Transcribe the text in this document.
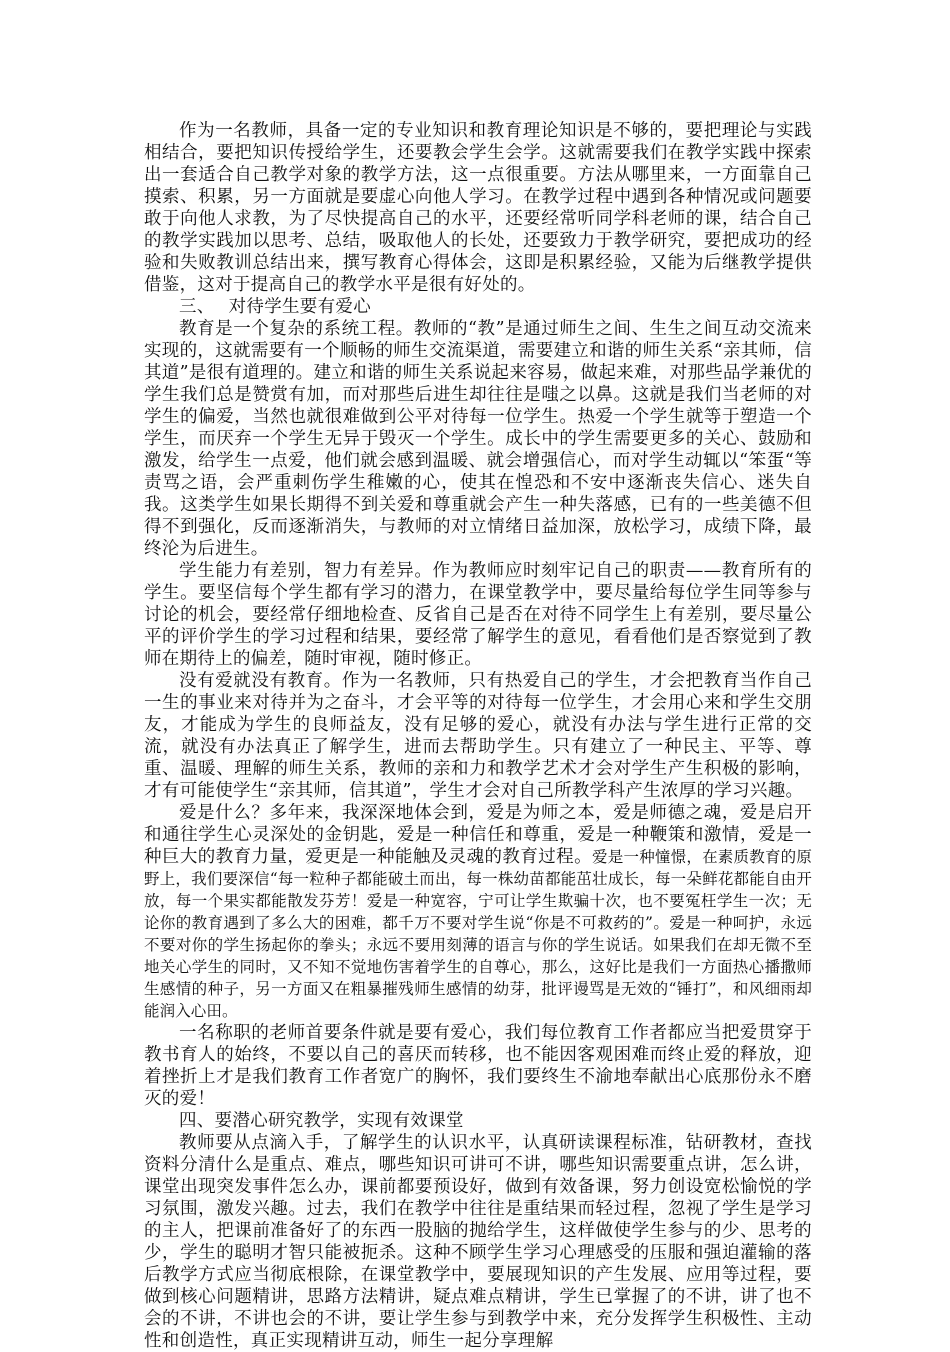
作为一名教师，具备一定的专业知识和教育理论知识是不够的，要把理论与实践相结合，要把知识传授给学生，还要教会学生会学。这就需要我们在教学实践中探索出一套适合自己教学对象的教学方法，这一点很重要。方法从哪里来，一方面靠自己摸索、积累，另一方面就是要虚心向他人学习。在教学过程中遇到各种情况或问题要敢于向他人求教，为了尽快提高自己的水平，还要经常听同学科老师的课，结合自己的教学实践加以思考、总结，吸取他人的长处，还要致力于教学研究，要把成功的经验和失败教训总结出来，撰写教育心得体会，这即是积累经验，又能为后继教学提供借鉴，这对于提高自己的教学水平是很有好处的。

三、 对待学生要有爱心

教育是一个复杂的系统工程。教师的“教”是通过师生之间、生生之间互动交流来实现的，这就需要有一个顺畅的师生交流渠道，需要建立和谐的师生关系“亲其师，信其道”是很有道理的。建立和谐的师生关系说起来容易，做起来难，对那些品学兼优的学生我们总是赞赏有加，而对那些后进生却往往是嗤之以鼻。这就是我们当老师的对学生的偏爱，当然也就很难做到公平对待每一位学生。热爱一个学生就等于塑造一个学生，而厌弃一个学生无异于毁灭一个学生。成长中的学生需要更多的关心、鼓励和激发，给学生一点爱，他们就会感到温暖、就会增强信心，而对学生动辄以“笨蛋“等责骂之语，会严重刺伤学生稚嫩的心，使其在惶恐和不安中逐渐丧失信心、迷失自我。这类学生如果长期得不到关爱和尊重就会产生一种失落感，已有的一些美德不但得不到强化，反而逐渐消失，与教师的对立情绪日益加深，放松学习，成绩下降，最终沦为后进生。

学生能力有差别，智力有差异。作为教师应时刻牢记自己的职责——教育所有的学生。要坚信每个学生都有学习的潜力，在课堂教学中，要尽量给每位学生同等参与讨论的机会，要经常仔细地检查、反省自己是否在对待不同学生上有差别，要尽量公平的评价学生的学习过程和结果，要经常了解学生的意见，看看他们是否察觉到了教师在期待上的偏差，随时审视，随时修正。

没有爱就没有教育。作为一名教师，只有热爱自己的学生，才会把教育当作自己一生的事业来对待并为之奋斗，才会平等的对待每一位学生，才会用心来和学生交朋友，才能成为学生的良师益友，没有足够的爱心，就没有办法与学生进行正常的交流，就没有办法真正了解学生，进而去帮助学生。只有建立了一种民主、平等、尊重、温暖、理解的师生关系，教师的亲和力和教学艺术才会对学生产生积极的影响，才有可能使学生“亲其师，信其道”，学生才会对自己所教学科产生浓厚的学习兴趣。

爱是什么？多年来，我深深地体会到，爱是为师之本，爱是师德之魂，爱是启开和通往学生心灵深处的金钥匙，爱是一种信任和尊重，爱是一种鞭策和激情，爱是一种巨大的教育力量，爱更是一种能触及灵魂的教育过程。爱是一种憧憬，在素质教育的原野上，我们要深信“每一粒种子都能破土而出，每一株幼苗都能茁壮成长，每一朵鲜花都能自由开放，每一个果实都能散发芬芳！爱是一种宽容，宁可让学生欺骗十次，也不要冤枉学生一次；无论你的教育遇到了多么大的困难，都千万不要对学生说“你是不可救药的”。爱是一种呵护，永远不要对你的学生扬起你的拳头；永远不要用刻薄的语言与你的学生说话。如果我们在却无微不至地关心学生的同时，又不知不觉地伤害着学生的自尊心，那么，这好比是我们一方面热心播撒师生感情的种子，另一方面又在粗暴摧残师生感情的幼芽，批评谩骂是无效的“锤打”，和风细雨却能润入心田。

一名称职的老师首要条件就是要有爱心，我们每位教育工作者都应当把爱贯穿于教书育人的始终，不要以自己的喜厌而转移，也不能因客观困难而终止爱的释放，迎着挫折上才是我们教育工作者宽广的胸怀，我们要终生不渝地奉献出心底那份永不磨灭的爱！

四、要潜心研究教学，实现有效课堂

教师要从点滴入手，了解学生的认识水平，认真研读课程标准，钻研教材，查找资料分清什么是重点、难点，哪些知识可讲可不讲，哪些知识需要重点讲，怎么讲，课堂出现突发事件怎么办，课前都要预设好，做到有效备课，努力创设宽松愉悦的学习氛围，激发兴趣。过去，我们在教学中往往是重结果而轻过程，忽视了学生是学习的主人，把课前准备好了的东西一股脑的抛给学生，这样做使学生参与的少、思考的少，学生的聪明才智只能被扼杀。这种不顾学生学习心理感受的压服和强迫灌输的落后教学方式应当彻底根除，在课堂教学中，要展现知识的产生发展、应用等过程，要做到核心问题精讲，思路方法精讲，疑点难点精讲，学生已掌握了的不讲，讲了也不会的不讲，不讲也会的不讲，要让学生参与到教学中来，充分发挥学生积极性、主动性和创造性，真正实现精讲互动，师生一起分享理解
